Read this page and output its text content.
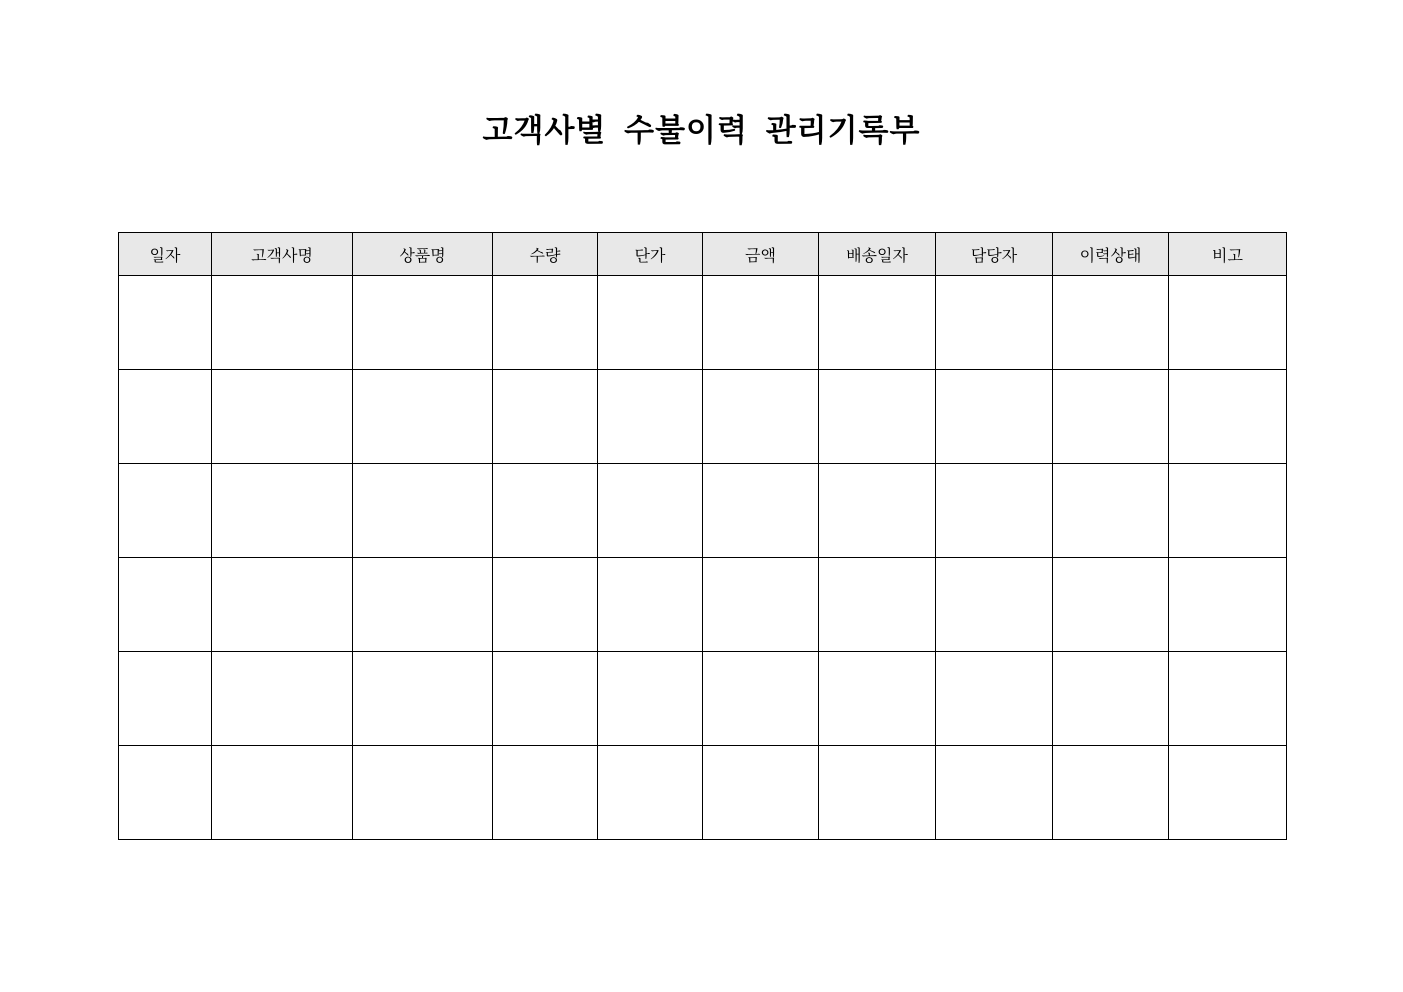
고객사별 수불이력 관리기록부
일자	고객사명	상품명	수량	단가	금액	배송일자	담당자	이력상태	비고
